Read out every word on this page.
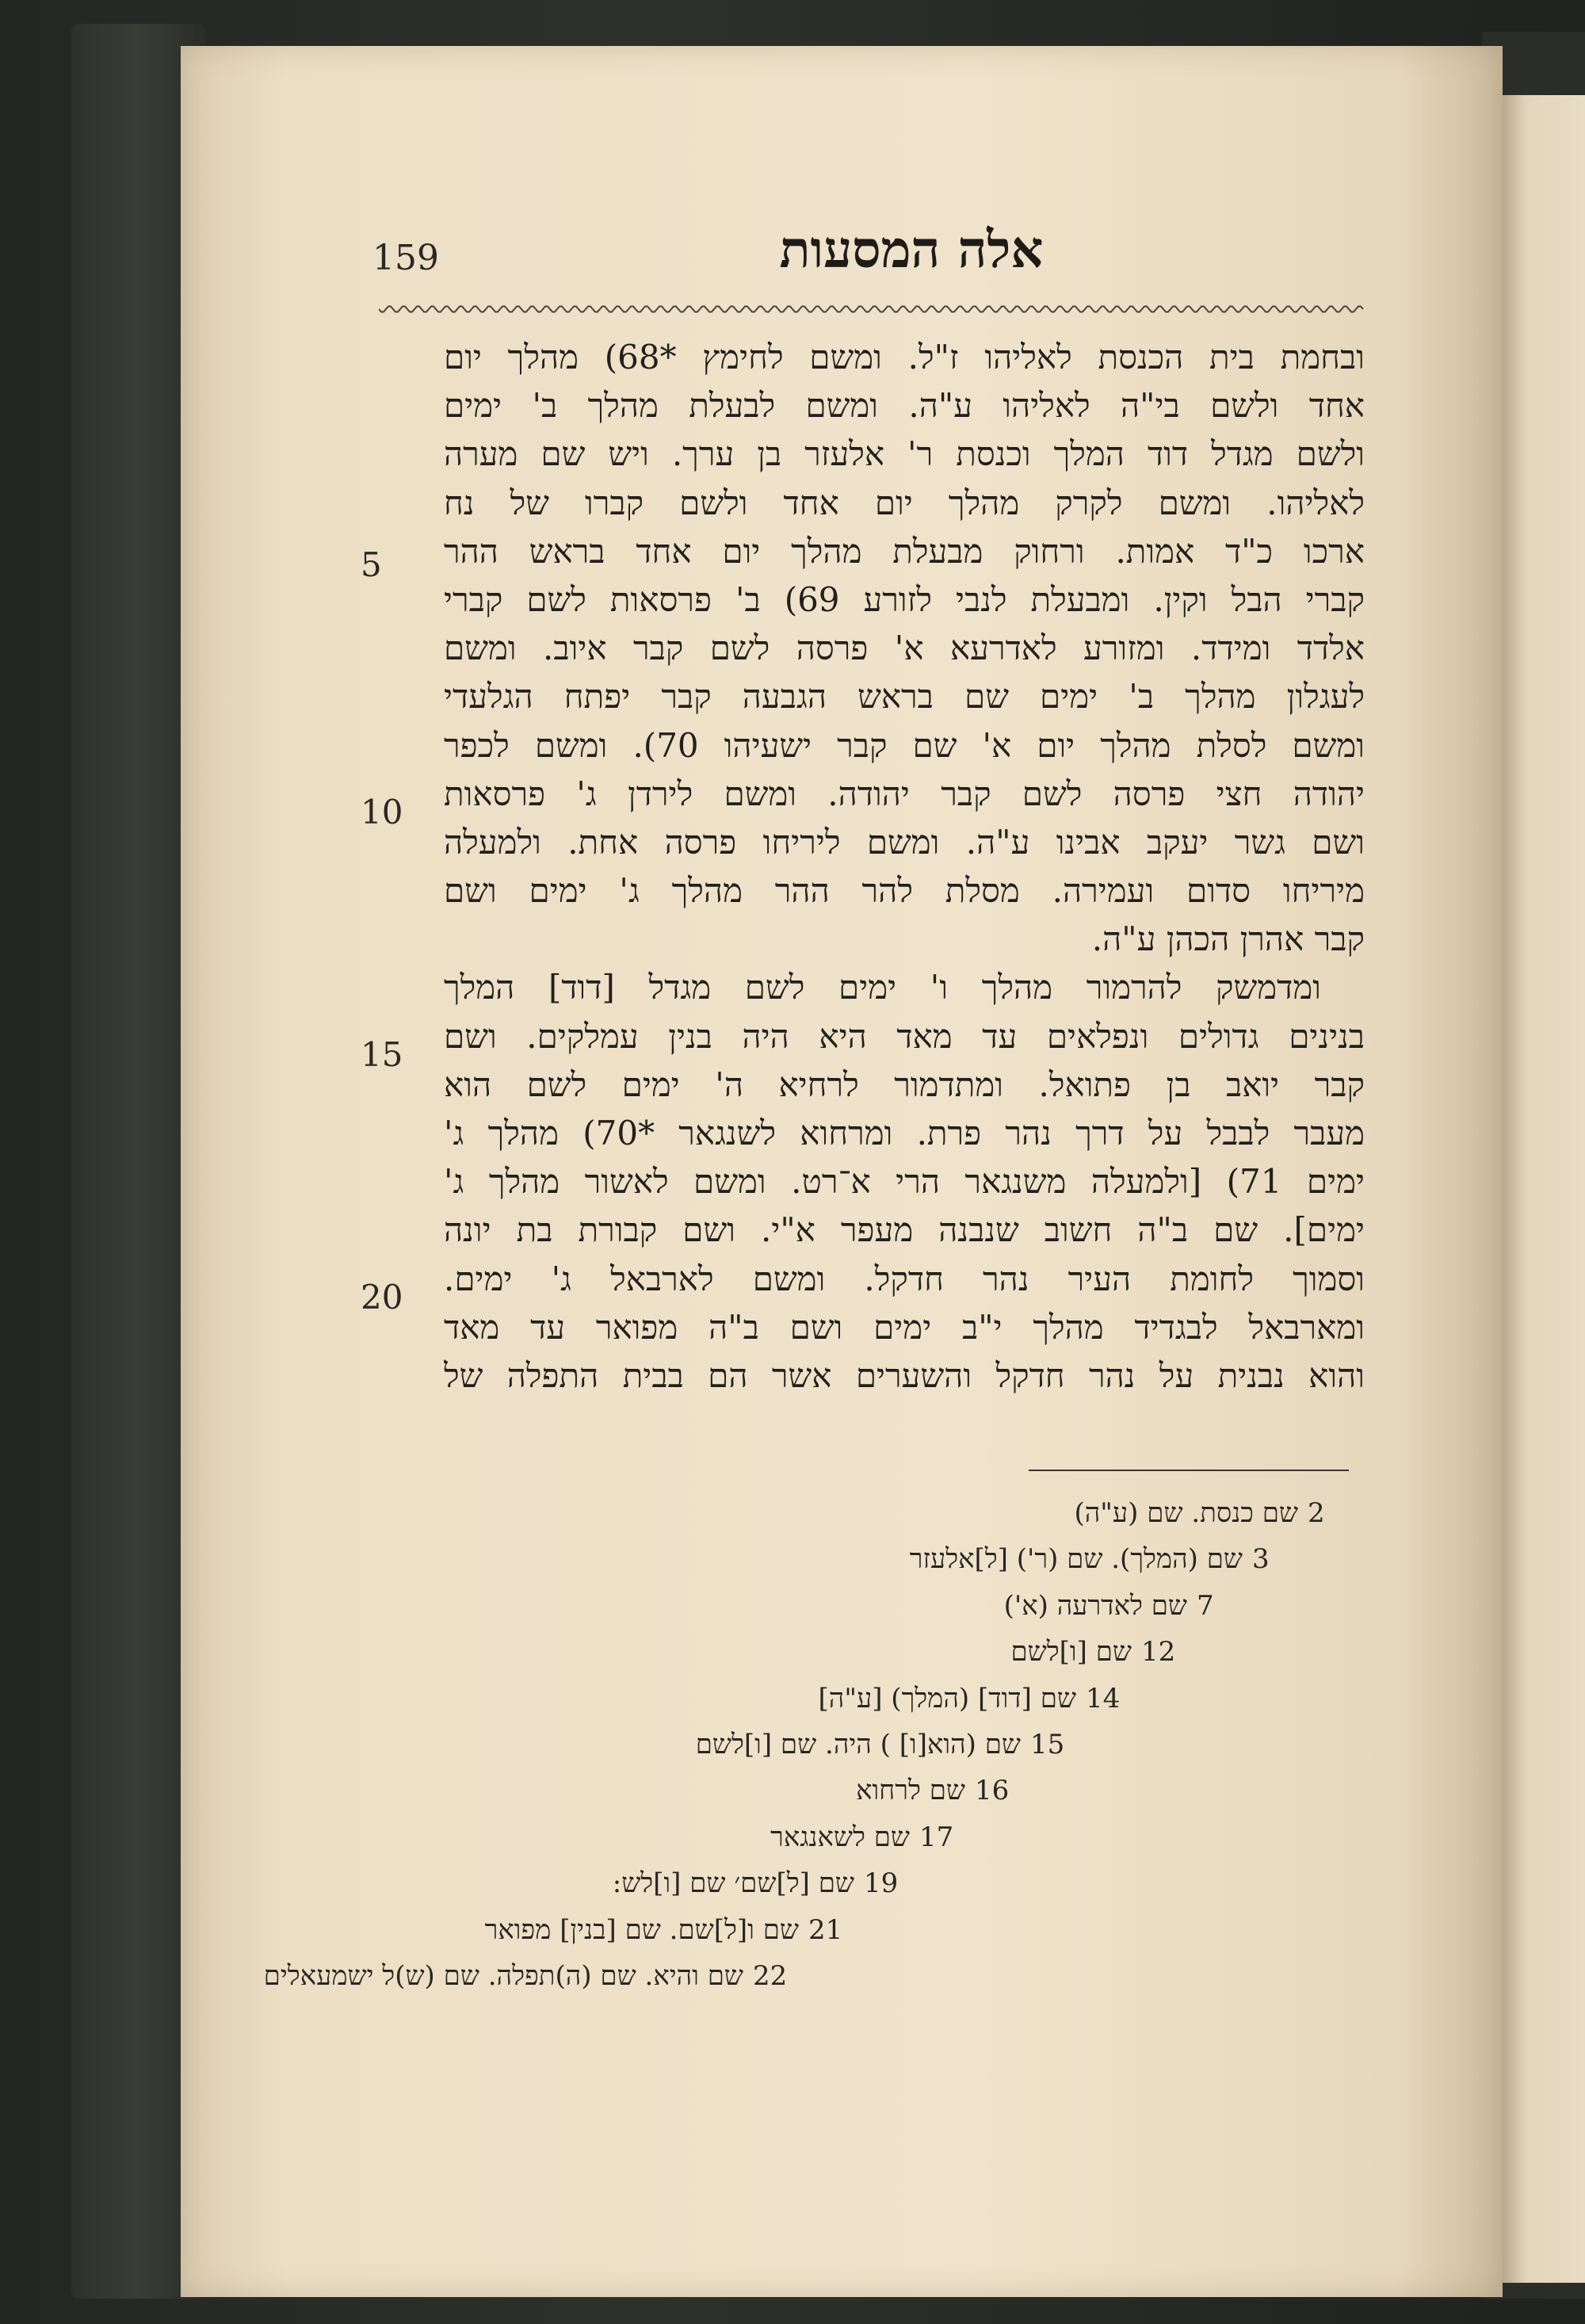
159	אלה המסעות
ובחמת בית הכנסת לאליהו ז"ל. ומשם לחימץ *68) מהלך יום
אחד ולשם בי"ה לאליהו ע"ה. ומשם לבעלת מהלך ב' ימים
ולשם מגדל דוד המלך וכנסת ר' אלעזר בן ערך. ויש שם מערה
לאליהו. ומשם לקרק מהלך יום אחד ולשם קברו של נח
ארכו כ"ד אמות. ורחוק מבעלת מהלך יום אחד בראש ההר
קברי הבל וקין. ומבעלת לנבי לזורע 69) ב' פרסאות לשם קברי
אלדד ומידד. ומזורע לאדרעא א' פרסה לשם קבר איוב. ומשם
לעגלון מהלך ב' ימים שם בראש הגבעה קבר יפתח הגלעדי
ומשם לסלת מהלך יום א' שם קבר ישעיהו 70). ומשם לכפר
יהודה חצי פרסה לשם קבר יהודה. ומשם לירדן ג' פרסאות
ושם גשר יעקב אבינו ע"ה. ומשם ליריחו פרסה אחת. ולמעלה
מיריחו סדום ועמירה. מסלת להר ההר מהלך ג' ימים ושם
קבר אהרן הכהן ע"ה.
ומדמשק להרמור מהלך ו' ימים לשם מגדל [דוד] המלך
בנינים גדולים ונפלאים עד מאד היא היה בנין עמלקים. ושם
קבר יואב בן פתואל. ומתדמור לרחיא ה' ימים לשם הוא
מעבר לבבל על דרך נהר פרת. ומרחוא לשנגאר *70) מהלך ג'
ימים 71) [ולמעלה משנגאר הרי א־רט. ומשם לאשור מהלך ג'
ימים]. שם ב"ה חשוב שנבנה מעפר א"י. ושם קבורת בת יונה
וסמוך לחומת העיר נהר חדקל. ומשם לארבאל ג' ימים.
ומארבאל לבגדיד מהלך י"ב ימים ושם ב"ה מפואר עד מאד
והוא נבנית על נהר חדקל והשערים אשר הם בבית התפלה של
5
10
15
20
2
שם כנסת. שם (ע"ה)
3
שם (המלך). שם (ר') [ל]אלעזר
7
שם לאדרעה (א')
12
שם [ו]לשם
14
שם [דוד] (המלך) [ע"ה]
15
שם (הוא[ו] ) היה. שם [ו]לשם
16
שם לרחוא
17
שם לשאנגאר
19
שם [ל]שם׳ שם [ו]לש:
21
שם ו[ל]שם. שם [בנין] מפואר
22
שם והיא. שם (ה)תפלה. שם (ש)ל ישמעאלים
